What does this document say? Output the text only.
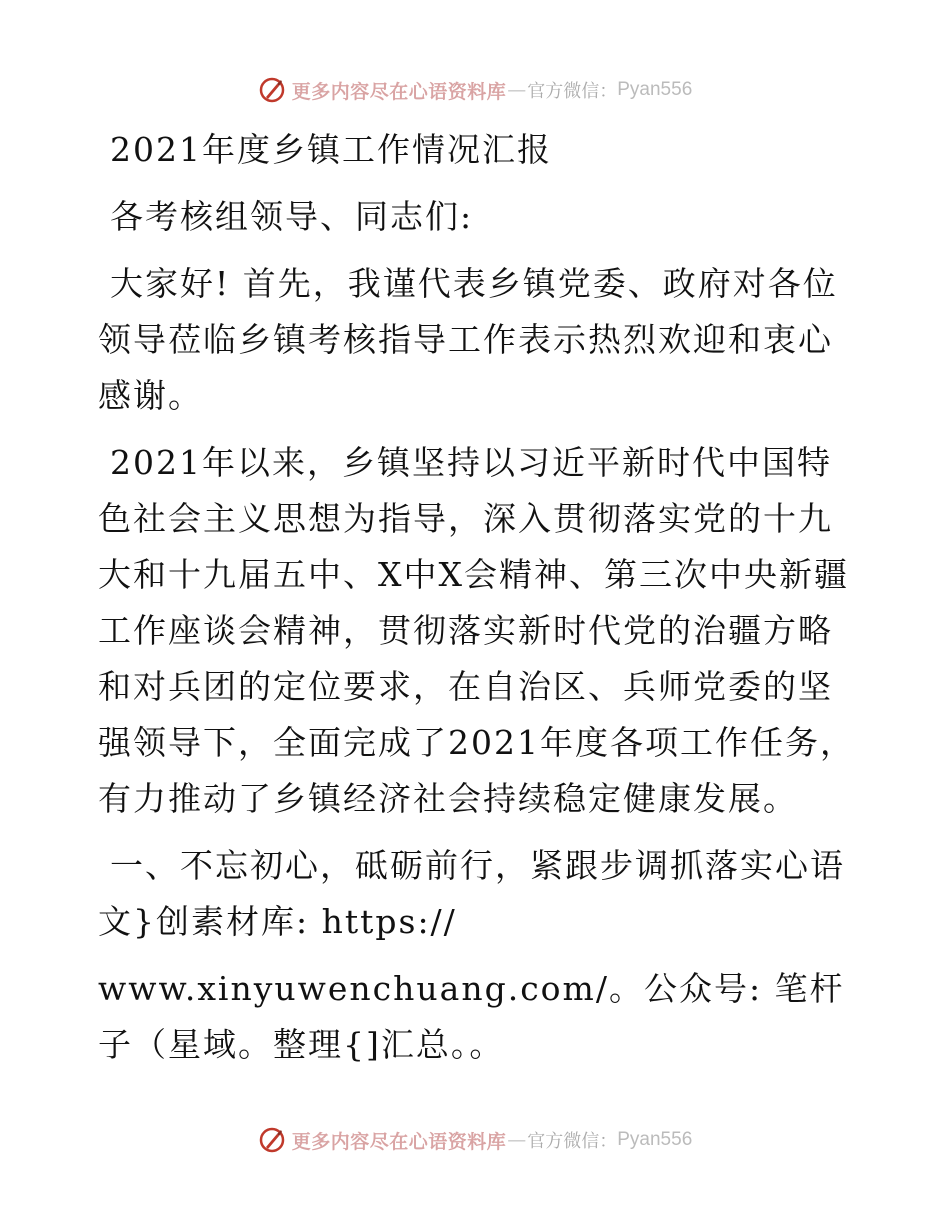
更多内容尽在心语资料库 — 官方微信： Pyan556

2021年度乡镇工作情况汇报

各考核组领导、同志们:

大家好! 首先，我谨代表乡镇党委、政府对各位领导莅临乡镇考核指导工作表示热烈欢迎和衷心感谢。

2021年以来，乡镇坚持以习近平新时代中国特色社会主义思想为指导，深入贯彻落实党的十九大和十九届五中、X中X会精神、第三次中央新疆工作座谈会精神，贯彻落实新时代党的治疆方略和对兵团的定位要求，在自治区、兵师党委的坚强领导下，全面完成了2021年度各项工作任务，有力推动了乡镇经济社会持续稳定健康发展。

一、不忘初心，砥砺前行，紧跟步调抓落实心语文}创素材库: https://

www.xinyuwenchuang.com/。公众号: 笔杆子（星域。整理{]汇总。。

更多内容尽在心语资料库 — 官方微信： Pyan556
